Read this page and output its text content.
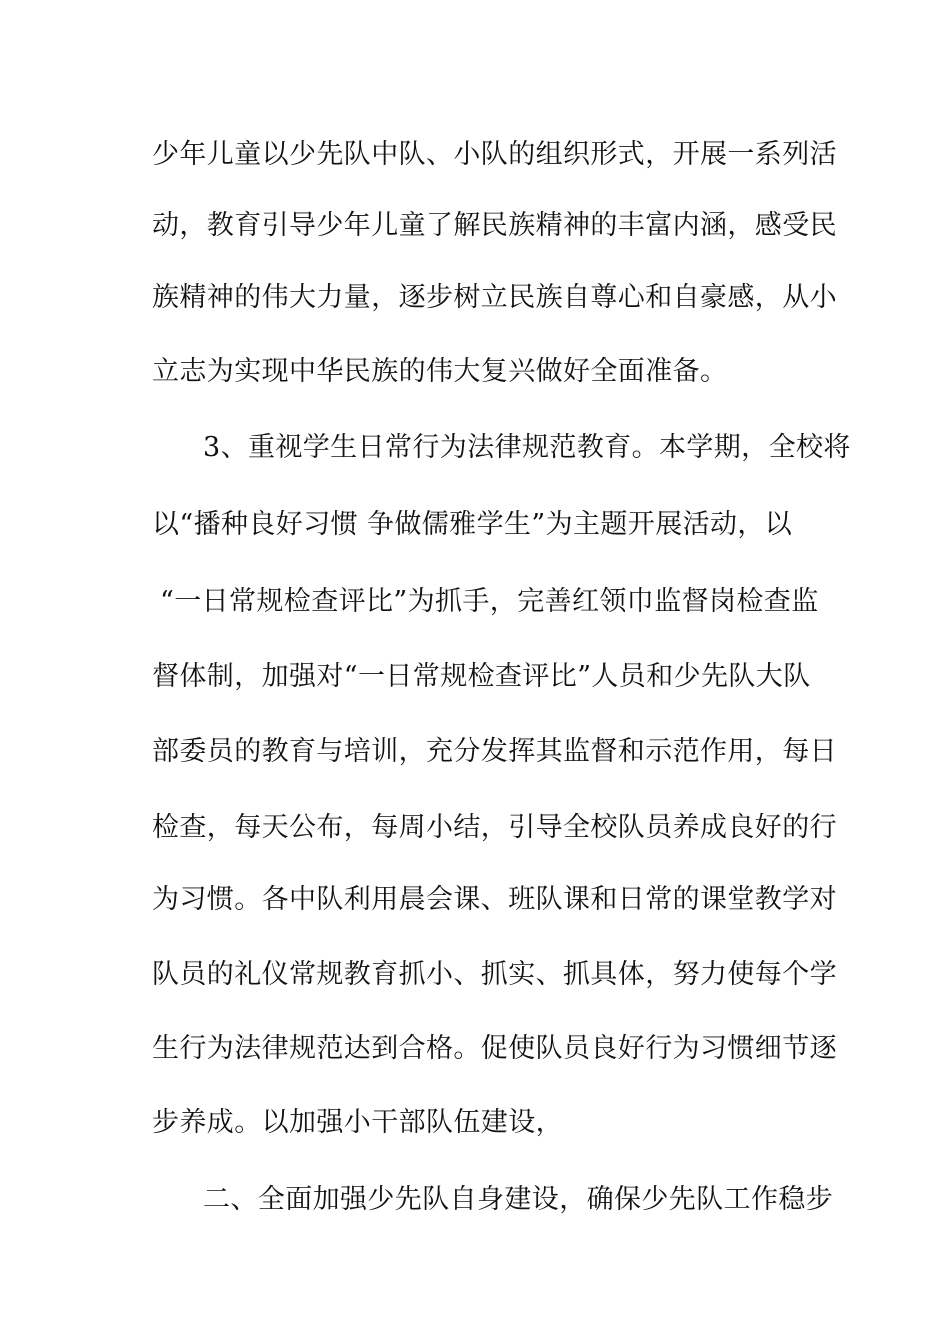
少年儿童以少先队中队、小队的组织形式，开展一系列活
动，教育引导少年儿童了解民族精神的丰富内涵，感受民
族精神的伟大力量，逐步树立民族自尊心和自豪感，从小
立志为实现中华民族的伟大复兴做好全面准备。
3、重视学生日常行为法律规范教育。本学期，全校将
以“播种良好习惯 争做儒雅学生”为主题开展活动，以
“一日常规检查评比”为抓手，完善红领巾监督岗检查监
督体制，加强对“一日常规检查评比”人员和少先队大队
部委员的教育与培训，充分发挥其监督和示范作用，每日
检查，每天公布，每周小结，引导全校队员养成良好的行
为习惯。各中队利用晨会课、班队课和日常的课堂教学对
队员的礼仪常规教育抓小、抓实、抓具体，努力使每个学
生行为法律规范达到合格。促使队员良好行为习惯细节逐
步养成。以加强小干部队伍建设，
二、全面加强少先队自身建设，确保少先队工作稳步
